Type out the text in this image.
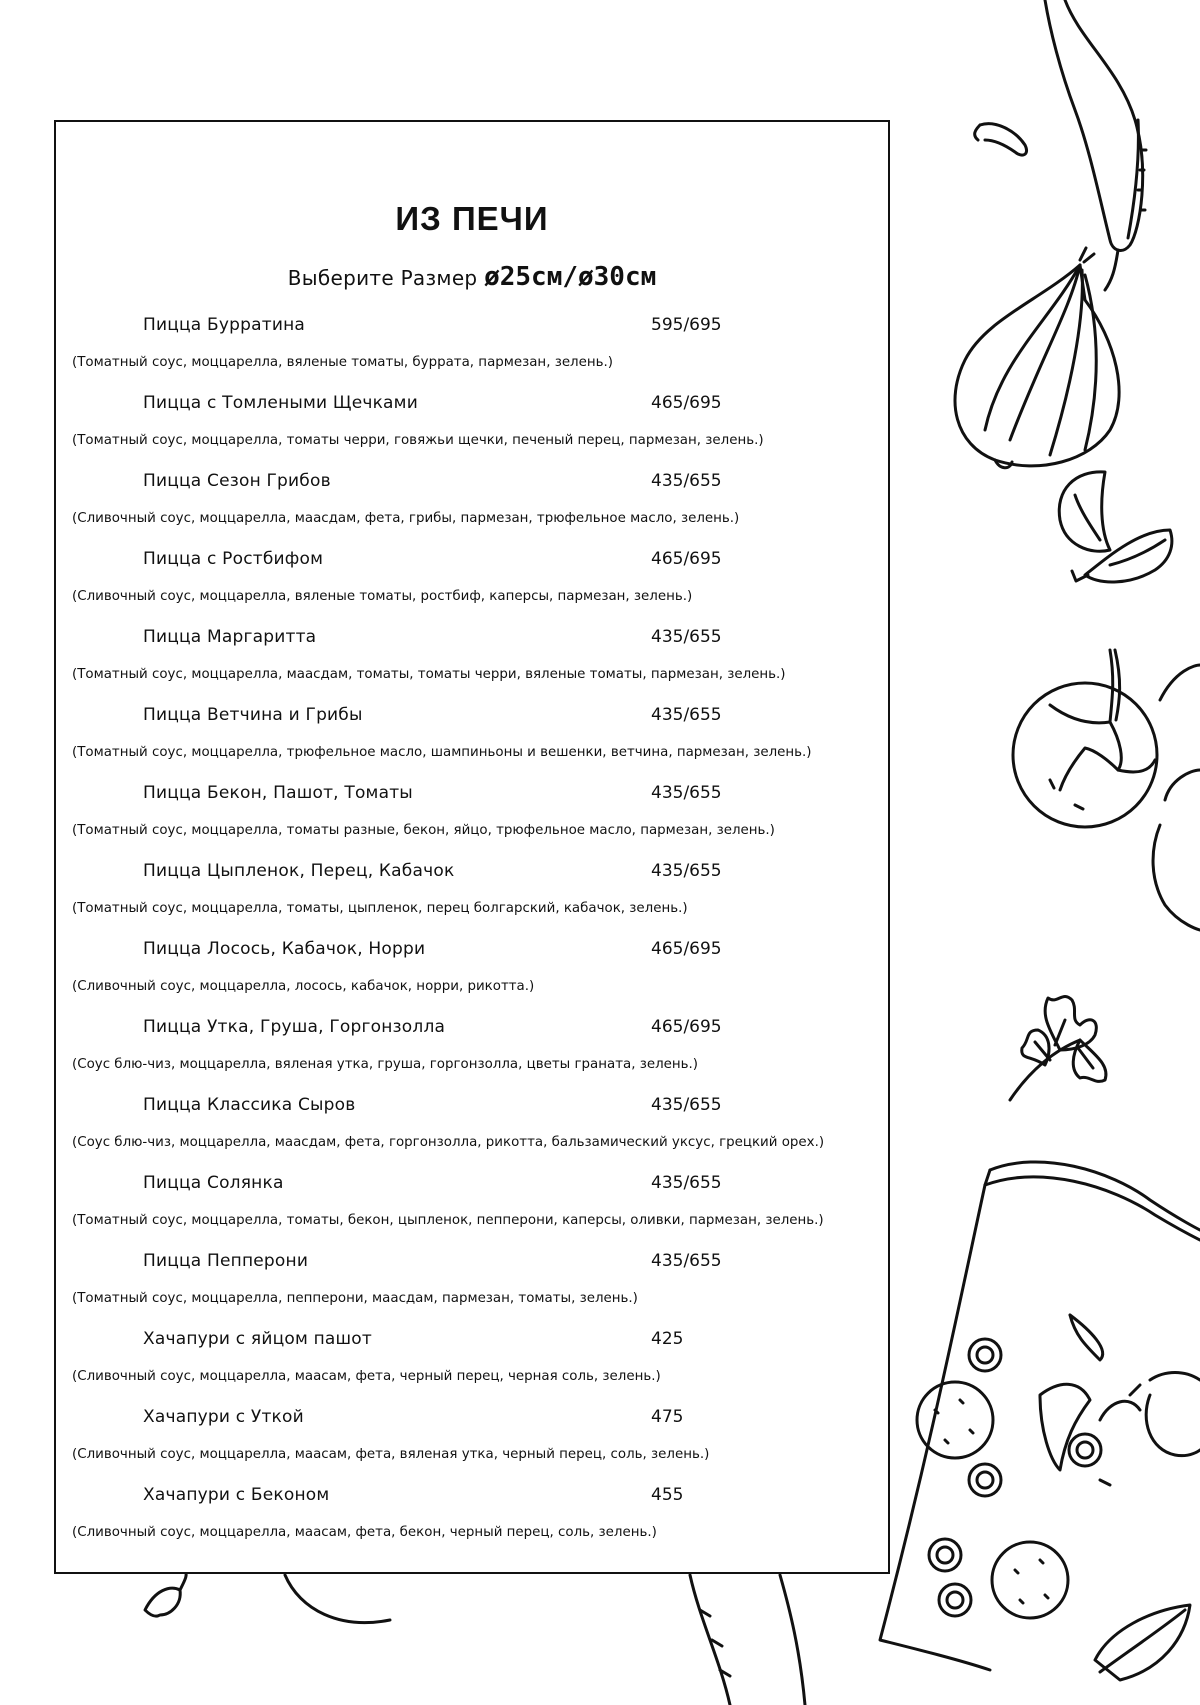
ИЗ ПЕЧИ
Выберите Размер ø25см/ø30см
Пицца Бурратина	595/695
(Томатный соус, моццарелла, вяленые томаты, буррата, пармезан, зелень.)
Пицца с Томлеными Щечками	465/695
(Томатный соус, моццарелла, томаты черри, говяжьи щечки, печеный перец, пармезан, зелень.)
Пицца Сезон Грибов	435/655
(Сливочный соус, моццарелла, маасдам, фета, грибы, пармезан, трюфельное масло, зелень.)
Пицца с Ростбифом	465/695
(Сливочный соус, моццарелла, вяленые томаты, ростбиф, каперсы, пармезан, зелень.)
Пицца Маргаритта	435/655
(Томатный соус, моццарелла, маасдам, томаты, томаты черри, вяленые томаты, пармезан, зелень.)
Пицца Ветчина и Грибы	435/655
(Томатный соус, моццарелла, трюфельное масло, шампиньоны и вешенки, ветчина, пармезан, зелень.)
Пицца Бекон, Пашот, Томаты	435/655
(Томатный соус, моццарелла, томаты разные, бекон, яйцо, трюфельное масло, пармезан, зелень.)
Пицца Цыпленок, Перец, Кабачок	435/655
(Томатный соус, моццарелла, томаты, цыпленок, перец болгарский, кабачок, зелень.)
Пицца Лосось, Кабачок, Норри	465/695
(Сливочный соус, моццарелла, лосось, кабачок, норри, рикотта.)
Пицца Утка, Груша, Горгонзолла	465/695
(Соус блю-чиз, моццарелла, вяленая утка, груша, горгонзолла, цветы граната, зелень.)
Пицца Классика Сыров	435/655
(Соус блю-чиз, моццарелла, маасдам, фета, горгонзолла, рикотта, бальзамический уксус, грецкий орех.)
Пицца Солянка	435/655
(Томатный соус, моццарелла, томаты, бекон, цыпленок, пепперони, каперсы, оливки, пармезан, зелень.)
Пицца Пепперони	435/655
(Томатный соус, моццарелла, пепперони, маасдам, пармезан, томаты, зелень.)
Хачапури с яйцом пашот	425
(Сливочный соус, моццарелла, маасам, фета, черный перец, черная соль, зелень.)
Хачапури с Уткой	475
(Сливочный соус, моццарелла, маасам, фета, вяленая утка, черный перец, соль, зелень.)
Хачапури с Беконом	455
(Сливочный соус, моццарелла, маасам, фета, бекон, черный перец, соль, зелень.)
